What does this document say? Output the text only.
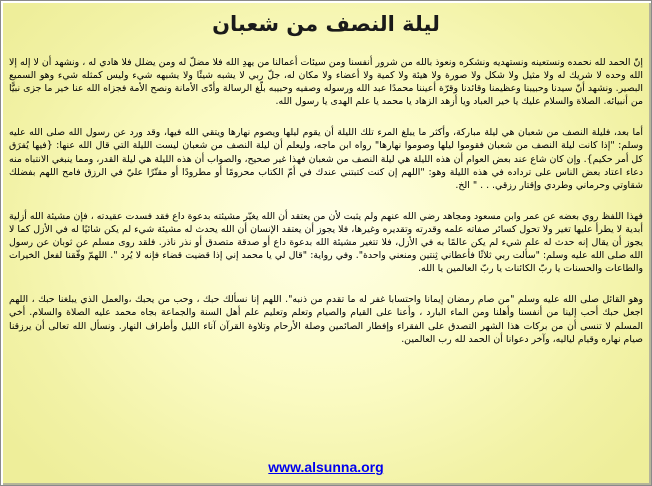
ليلة النصف من شعبان

إنّ الحمد لله نحمده ونستعينه ونستهديه ونشكره ونعوذ بالله من شرور أنفسنا ومن سيئات أعمالنا من يهدِ الله فلا مضلّ له ومن يضلل فلا هادي له ، ونشهد أن لا إله إلا الله وحده لا شريك له ولا مثيل ولا شكل ولا صورة ولا هيئة ولا كمية ولا أعضاء ولا مكان له، جلّ ربي لا يشبه شيئًا ولا يشبهه شيء وليس كمثله شيء وهو السميع البصير. ونشهد أنّ سيدنا وحبيبنا وعظيمنا وقائدنا وقرّة أعيننا محمدًا عبد الله ورسوله وصفيه وحبيبه بلّغ الرسالة وأدّى الأمانة ونصح الأمة فجزاه الله عنا خير ما جزى نبيًّا من أنبيائه. الصلاة والسلام عليك يا خير العباد ويا أزهد الزهاد يا محمد يا علم الهدى يا رسول الله.

أما بعد، فليلة النصف من شعبان هي ليلة مباركة، وأكثر ما يبلغ المرء تلك الليلة أن يقوم ليلها ويصوم نهارها ويتقي الله فيها، وقد ورد عن رسول الله صلى الله عليه وسلم: "إذا كانت ليلة النصف من شعبان فقوموا ليلها وصوموا نهارها" رواه ابن ماجه، وليعلم أن ليلة النصف من شعبان ليست الليلة التي قال الله عنها: {فيها يُفرَق كل أمر حكيم}. وإن كان شاع عند بعض العوام أن هذه الليلة هي ليلة النصف من شعبان فهذا غير صحيح، والصواب أن هذه الليلة هي ليلة القدر، ومما ينبغي الانتباه منه دعاء اعتاد بعض الناس على ترداده في هذه الليلة وهو: "اللهم إن كنت كتبتني عندك في أمّ الكتاب محرومًا أو مطرودًا أو مقتّرًا عليّ في الرزق فامح اللهم بفضلك شقاوتي وحرماني وطردي وإقتار رزقي. . . " الخ.

فهذا اللفظ روي بعضه عن عمر وابن مسعود ومجاهد رضي الله عنهم ولم يثبت لأن من يعتقد أن الله يغيّر مشيئته بدعوة داع فقد فسدت عقيدته ، فإن مشيئة الله أزلية أبدية لا يطرأ عليها تغير ولا تحول كسائر صفاته علمه وقدرته وتقديره وغيرها، فلا يجوز أن يعتقد الإنسان أن الله يحدث له مشيئة شيء لم يكن شائيًا له في الأزل كما لا يجوز أن يقال إنه حدث له علم شيء لم يكن عالمًا به في الأزل، فلا تتغير مشيئة الله بدعوة داع أو صدقة متصدق أو نذر ناذر. فلقد روى مسلم عن ثوبان عن رسول الله صلى الله عليه وسلم: "سألت ربي ثلاثًا فأعطاني ثِنتين ومنعني واحدة". وفي رواية: "قال لي يا محمد إني إذا قضيت قضاء فإنه لا يُرد ". اللهمّ وفّقنا لفعل الخيرات والطاعات والحسنات يا ربّ الكائنات يا ربّ العالمين يا الله.

وهو القائل صلى الله عليه وسلم "من صام رمضان إيمانا واحتسابا غفر له ما تقدم من ذنبه". اللهم إنا نسألك حبك ، وحب من يحبك ،والعمل الذي يبلغنا حبك ، اللهم اجعل حبك أحب إلينا من أنفسنا وأهلنا ومن الماء البارد ، وأعنا على القيام والصيام وتعلم وتعليم علم أهل السنة والجماعة بجاه محمد عليه الصلاة والسلام. أخي المسلم لا تنسى أن من بركات هذا الشهر التصدق على الفقراء وإفطار الصائمين وصلة الأرحام وتلاوة القرآن آناء الليل وأطراف النهار. ونسأل الله تعالى أن يرزقنا صيام نهاره وقيام لياليه، وآخر دعوانا أن الحمد لله رب العالمين.

www.alsunna.org
